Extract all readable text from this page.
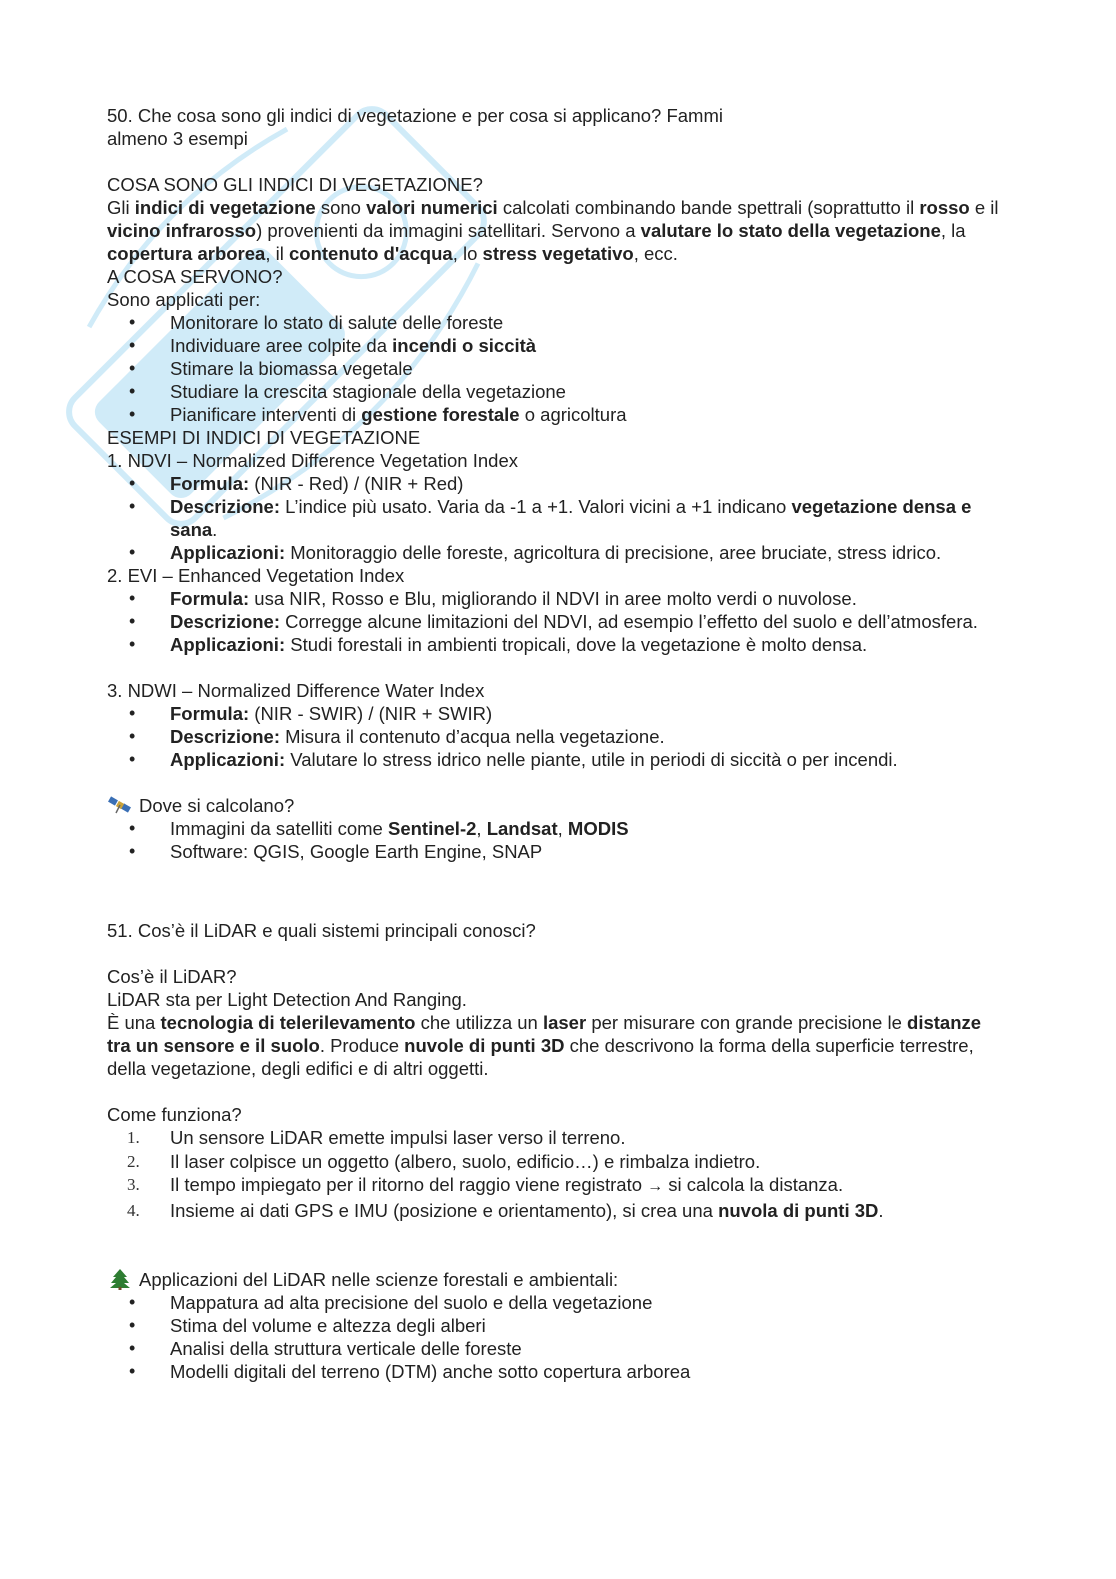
50. Che cosa sono gli indici di vegetazione e per cosa si applicano? Fammi
almeno 3 esempi

COSA SONO GLI INDICI DI VEGETAZIONE?

Gli indici di vegetazione sono valori numerici calcolati combinando bande spettrali (soprattutto il rosso e il vicino infrarosso) provenienti da immagini satellitari. Servono a valutare lo stato della vegetazione, la copertura arborea, il contenuto d'acqua, lo stress vegetativo, ecc.

A COSA SERVONO?

Sono applicati per:

• Monitorare lo stato di salute delle foreste
• Individuare aree colpite da incendi o siccità
• Stimare la biomassa vegetale
• Studiare la crescita stagionale della vegetazione
• Pianificare interventi di gestione forestale o agricoltura

ESEMPI DI INDICI DI VEGETAZIONE

1. NDVI – Normalized Difference Vegetation Index

• Formula: (NIR - Red) / (NIR + Red)
• Descrizione: L’indice più usato. Varia da -1 a +1. Valori vicini a +1 indicano vegetazione densa e sana.
• Applicazioni: Monitoraggio delle foreste, agricoltura di precisione, aree bruciate, stress idrico.

2. EVI – Enhanced Vegetation Index

• Formula: usa NIR, Rosso e Blu, migliorando il NDVI in aree molto verdi o nuvolose.
• Descrizione: Corregge alcune limitazioni del NDVI, ad esempio l’effetto del suolo e dell’atmosfera.
• Applicazioni: Studi forestali in ambienti tropicali, dove la vegetazione è molto densa.

3. NDWI – Normalized Difference Water Index

• Formula: (NIR - SWIR) / (NIR + SWIR)
• Descrizione: Misura il contenuto d’acqua nella vegetazione.
• Applicazioni: Valutare lo stress idrico nelle piante, utile in periodi di siccità o per incendi.

Dove si calcolano?

• Immagini da satelliti come Sentinel-2, Landsat, MODIS
• Software: QGIS, Google Earth Engine, SNAP

51. Cos’è il LiDAR e quali sistemi principali conosci?

Cos’è il LiDAR?

LiDAR sta per Light Detection And Ranging.

È una tecnologia di telerilevamento che utilizza un laser per misurare con grande precisione le distanze tra un sensore e il suolo. Produce nuvole di punti 3D che descrivono la forma della superficie terrestre, della vegetazione, degli edifici e di altri oggetti.

Come funziona?

1. Un sensore LiDAR emette impulsi laser verso il terreno.
2. Il laser colpisce un oggetto (albero, suolo, edificio…) e rimbalza indietro.
3. Il tempo impiegato per il ritorno del raggio viene registrato → si calcola la distanza.
4. Insieme ai dati GPS e IMU (posizione e orientamento), si crea una nuvola di punti 3D.

Applicazioni del LiDAR nelle scienze forestali e ambientali:

• Mappatura ad alta precisione del suolo e della vegetazione
• Stima del volume e altezza degli alberi
• Analisi della struttura verticale delle foreste
• Modelli digitali del terreno (DTM) anche sotto copertura arborea
